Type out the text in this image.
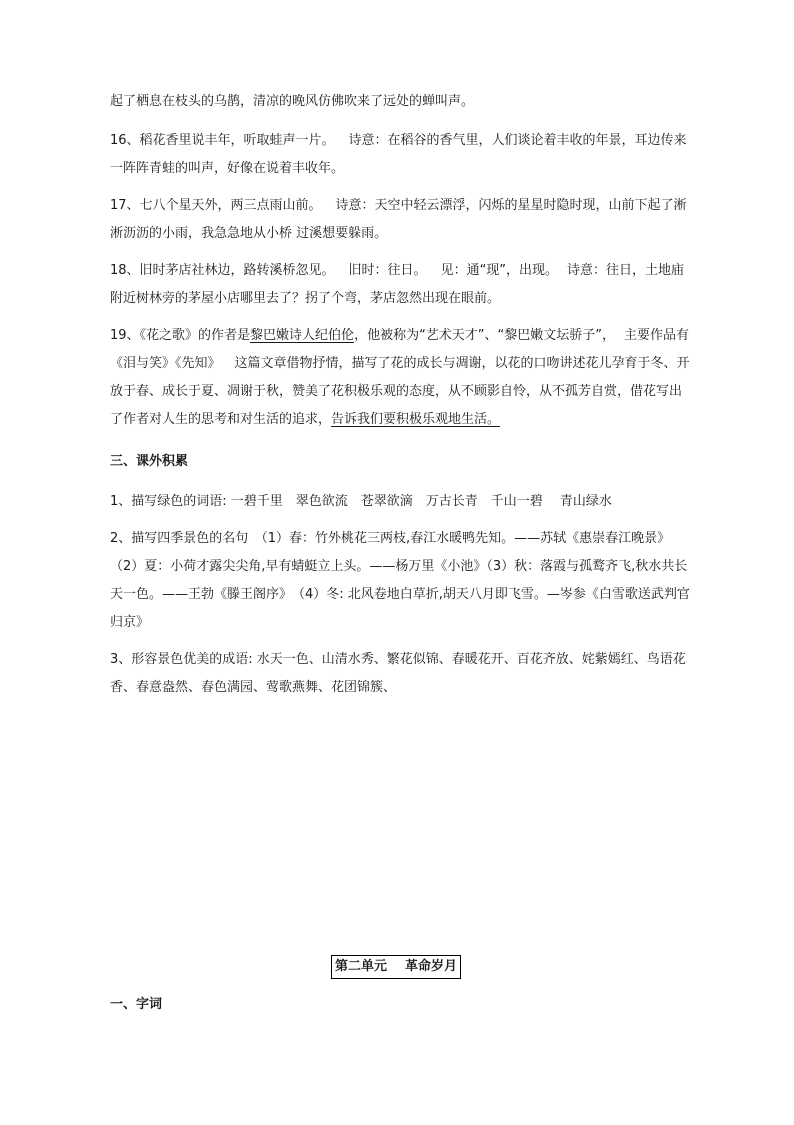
起了栖息在枝头的乌鹊，清凉的晚风仿佛吹来了远处的蝉叫声。

16、稻花香里说丰年，听取蛙声一片。 诗意：在稻谷的香气里，人们谈论着丰收的年景，耳边传来一阵阵青蛙的叫声，好像在说着丰收年。

17、七八个星天外，两三点雨山前。 诗意：天空中轻云漂浮，闪烁的星星时隐时现，山前下起了淅淅沥沥的小雨，我急急地从小桥 过溪想要躲雨。

18、旧时茅店社林边，路转溪桥忽见。 旧时：往日。 见：通“现”，出现。 诗意：往日，土地庙附近树林旁的茅屋小店哪里去了？拐了个弯，茅店忽然出现在眼前。

19、《花之歌》的作者是黎巴嫩诗人纪伯伦，他被称为“艺术天才”、“黎巴嫩文坛骄子”， 主要作品有《泪与笑》《先知》 这篇文章借物抒情，描写了花的成长与凋谢，以花的口吻讲述花儿孕育于冬、开放于春、成长于夏、凋谢于秋，赞美了花积极乐观的态度，从不顾影自怜，从不孤芳自赏，借花写出了作者对人生的思考和对生活的追求，告诉我们要积极乐观地生活。

三、课外积累

1、描写绿色的词语: 一碧千里　翠色欲流　苍翠欲滴　万古长青　千山一碧　 青山绿水

2、描写四季景色的名句　（1）春：竹外桃花三两枝,春江水暖鸭先知。——苏轼《惠崇春江晚景》（2）夏：小荷才露尖尖角,早有蜻蜓立上头。——杨万里《小池》（3）秋：落霞与孤鹜齐飞,秋水共长天一色。——王勃《滕王阁序》　（4）冬: 北风卷地白草折,胡天八月即飞雪。—岑参《白雪歌送武判官归京》

3、形容景色优美的成语: 水天一色、山清水秀、繁花似锦、春暖花开、百花齐放、姹紫嫣红、鸟语花香、春意盎然、春色满园、莺歌燕舞、花团锦簇、

第二单元 革命岁月
一、字词
